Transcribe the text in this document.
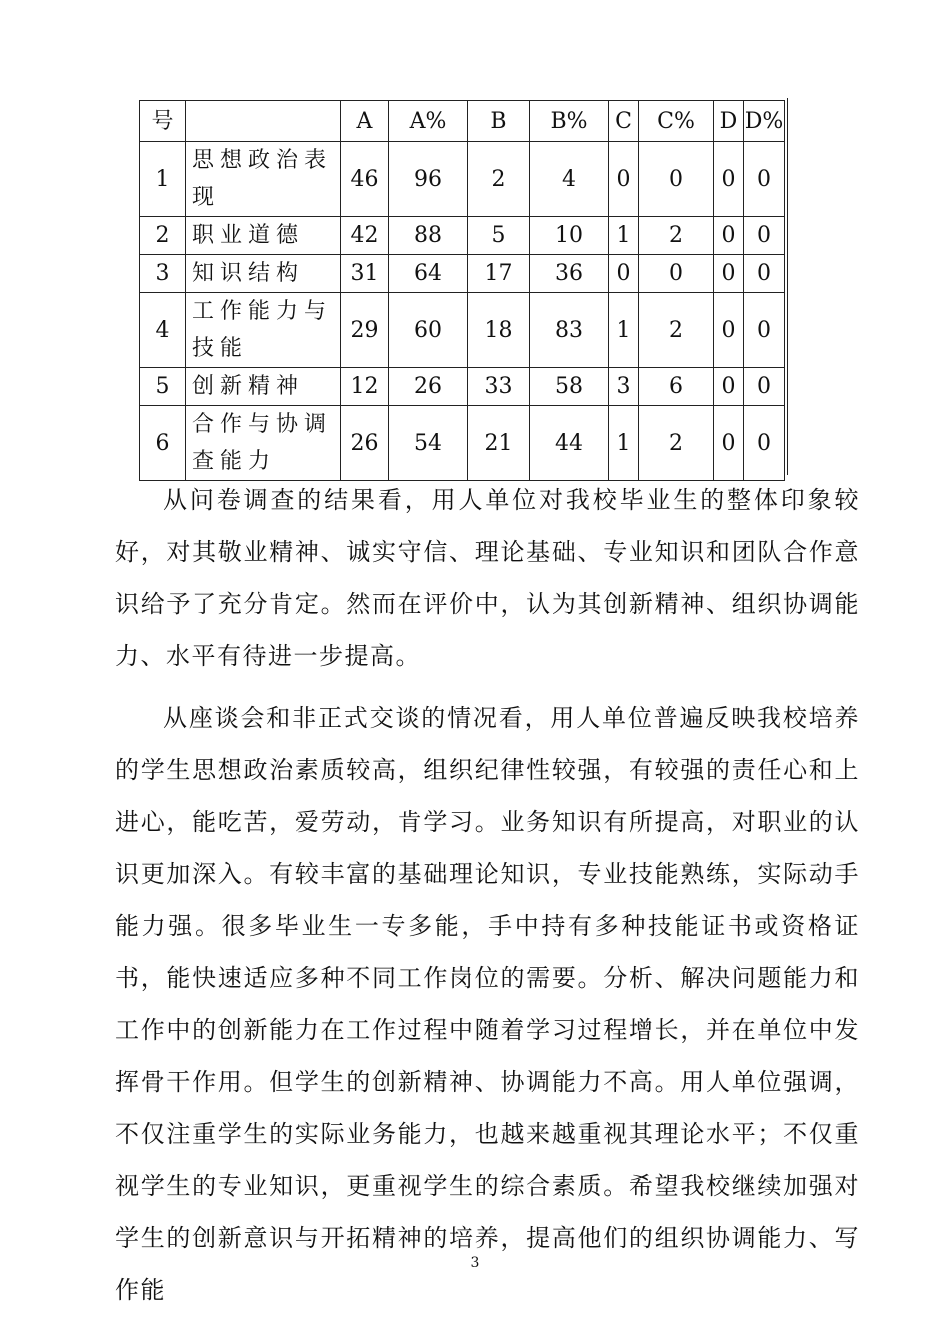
号		A	A%	B	B%	C	C%	D	D%
1	思想政治表现	46	96	2	4	0	0	0	0
2	职业道德	42	88	5	10	1	2	0	0
3	知识结构	31	64	17	36	0	0	0	0
4	工作能力与技能	29	60	18	83	1	2	0	0
5	创新精神	12	26	33	58	3	6	0	0
6	合作与协调查能力	26	54	21	44	1	2	0	0

从问卷调查的结果看，用人单位对我校毕业生的整体印象较好，对其敬业精神、诚实守信、理论基础、专业知识和团队合作意识给予了充分肯定。然而在评价中，认为其创新精神、组织协调能力、水平有待进一步提高。

从座谈会和非正式交谈的情况看，用人单位普遍反映我校培养的学生思想政治素质较高，组织纪律性较强，有较强的责任心和上进心，能吃苦，爱劳动，肯学习。业务知识有所提高，对职业的认识更加深入。有较丰富的基础理论知识，专业技能熟练，实际动手能力强。很多毕业生一专多能，手中持有多种技能证书或资格证书，能快速适应多种不同工作岗位的需要。分析、解决问题能力和工作中的创新能力在工作过程中随着学习过程增长，并在单位中发挥骨干作用。但学生的创新精神、协调能力不高。用人单位强调，不仅注重学生的实际业务能力，也越来越重视其理论水平；不仅重视学生的专业知识，更重视学生的综合素质。希望我校继续加强对学生的创新意识与开拓精神的培养，提高他们的组织协调能力、写作能

3
